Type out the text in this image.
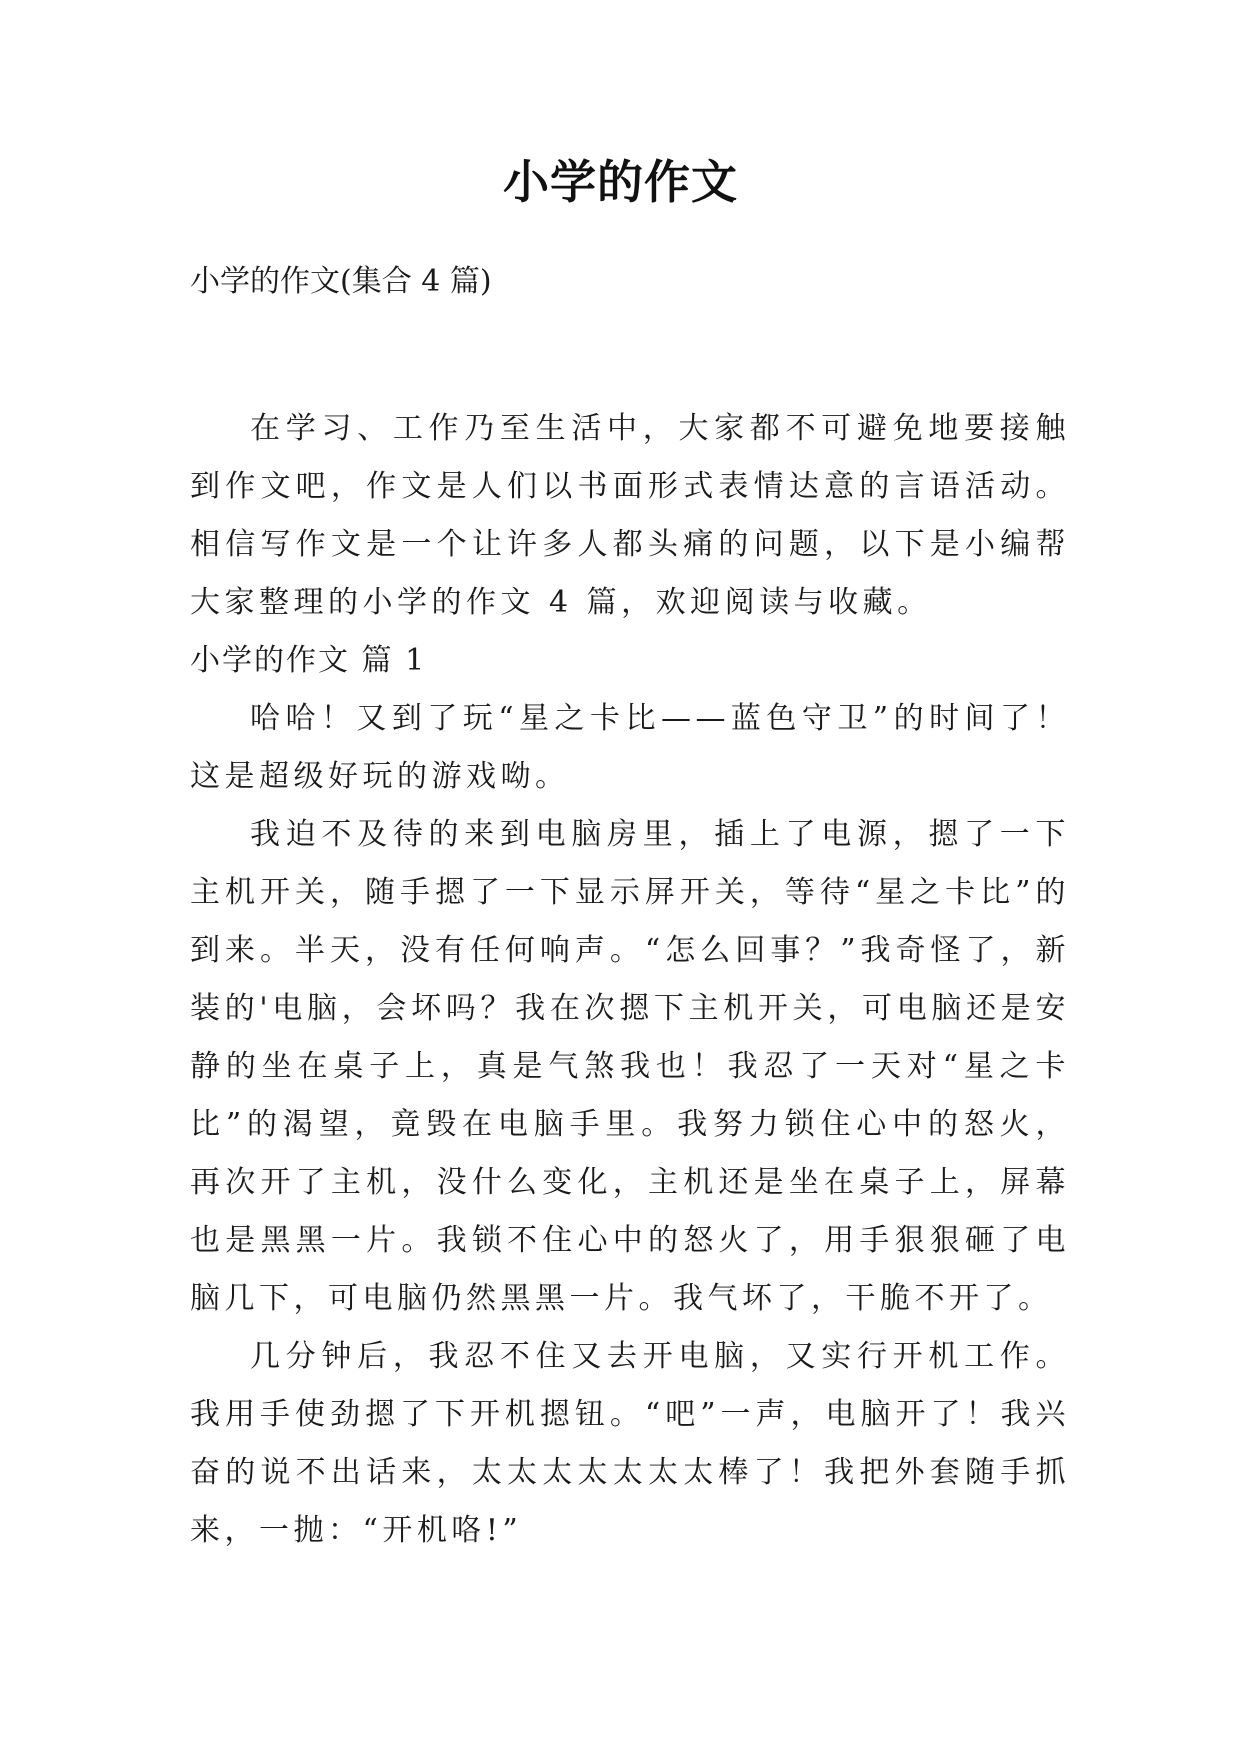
小学的作文
小学的作文(集合 4 篇)

在学习、工作乃至生活中，大家都不可避免地要接触到作文吧，作文是人们以书面形式表情达意的言语活动。相信写作文是一个让许多人都头痛的问题，以下是小编帮大家整理的小学的作文 4 篇，欢迎阅读与收藏。

小学的作文 篇 1

哈哈！又到了玩“星之卡比——蓝色守卫”的时间了！这是超级好玩的游戏呦。

我迫不及待的来到电脑房里，插上了电源，摁了一下主机开关，随手摁了一下显示屏开关，等待“星之卡比”的到来。半天，没有任何响声。“怎么回事？”我奇怪了，新装的'电脑，会坏吗？我在次摁下主机开关，可电脑还是安静的坐在桌子上，真是气煞我也！我忍了一天对“星之卡比”的渴望，竟毁在电脑手里。我努力锁住心中的怒火，再次开了主机，没什么变化，主机还是坐在桌子上，屏幕也是黑黑一片。我锁不住心中的怒火了，用手狠狠砸了电脑几下，可电脑仍然黑黑一片。我气坏了，干脆不开了。

几分钟后，我忍不住又去开电脑，又实行开机工作。我用手使劲摁了下开机摁钮。“吧”一声，电脑开了！我兴奋的说不出话来，太太太太太太太棒了！我把外套随手抓来，一抛：“开机咯!”
